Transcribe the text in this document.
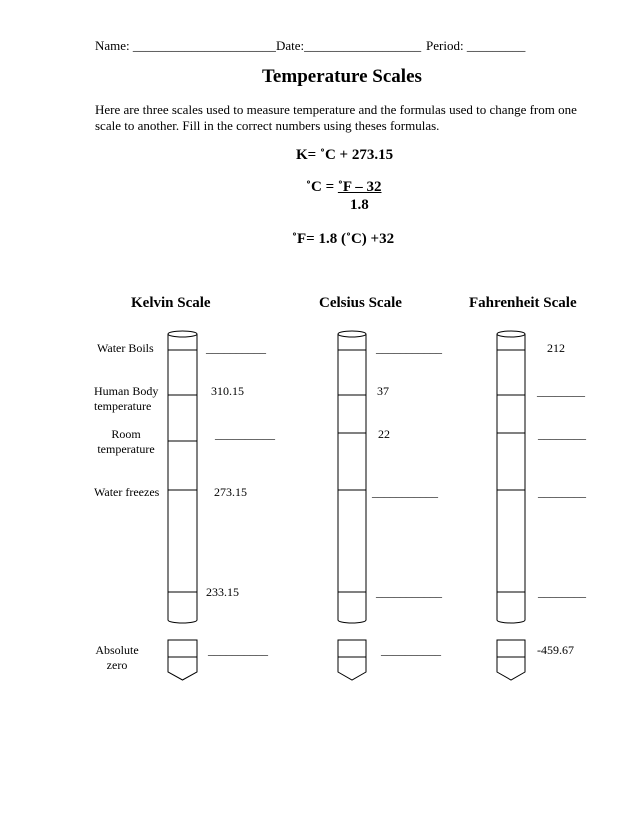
Name: ______________________ Date:__________________ Period: _________
Temperature Scales
Here are three scales used to measure temperature and the formulas used to change from one scale to another. Fill in the correct numbers using theses formulas.
K= ˚C + 273.15
˚C = ˚F – 32
1.8
˚F= 1.8 (˚C) +32
Kelvin Scale	Celsius Scale	Fahrenheit Scale
Water Boils
Human Body
temperature
Room
temperature
Water freezes
Absolute
zero
__________
310.15
__________
273.15
233.15
__________
___________
37
22
___________
___________
__________
212
________
________
________
________
-459.67
